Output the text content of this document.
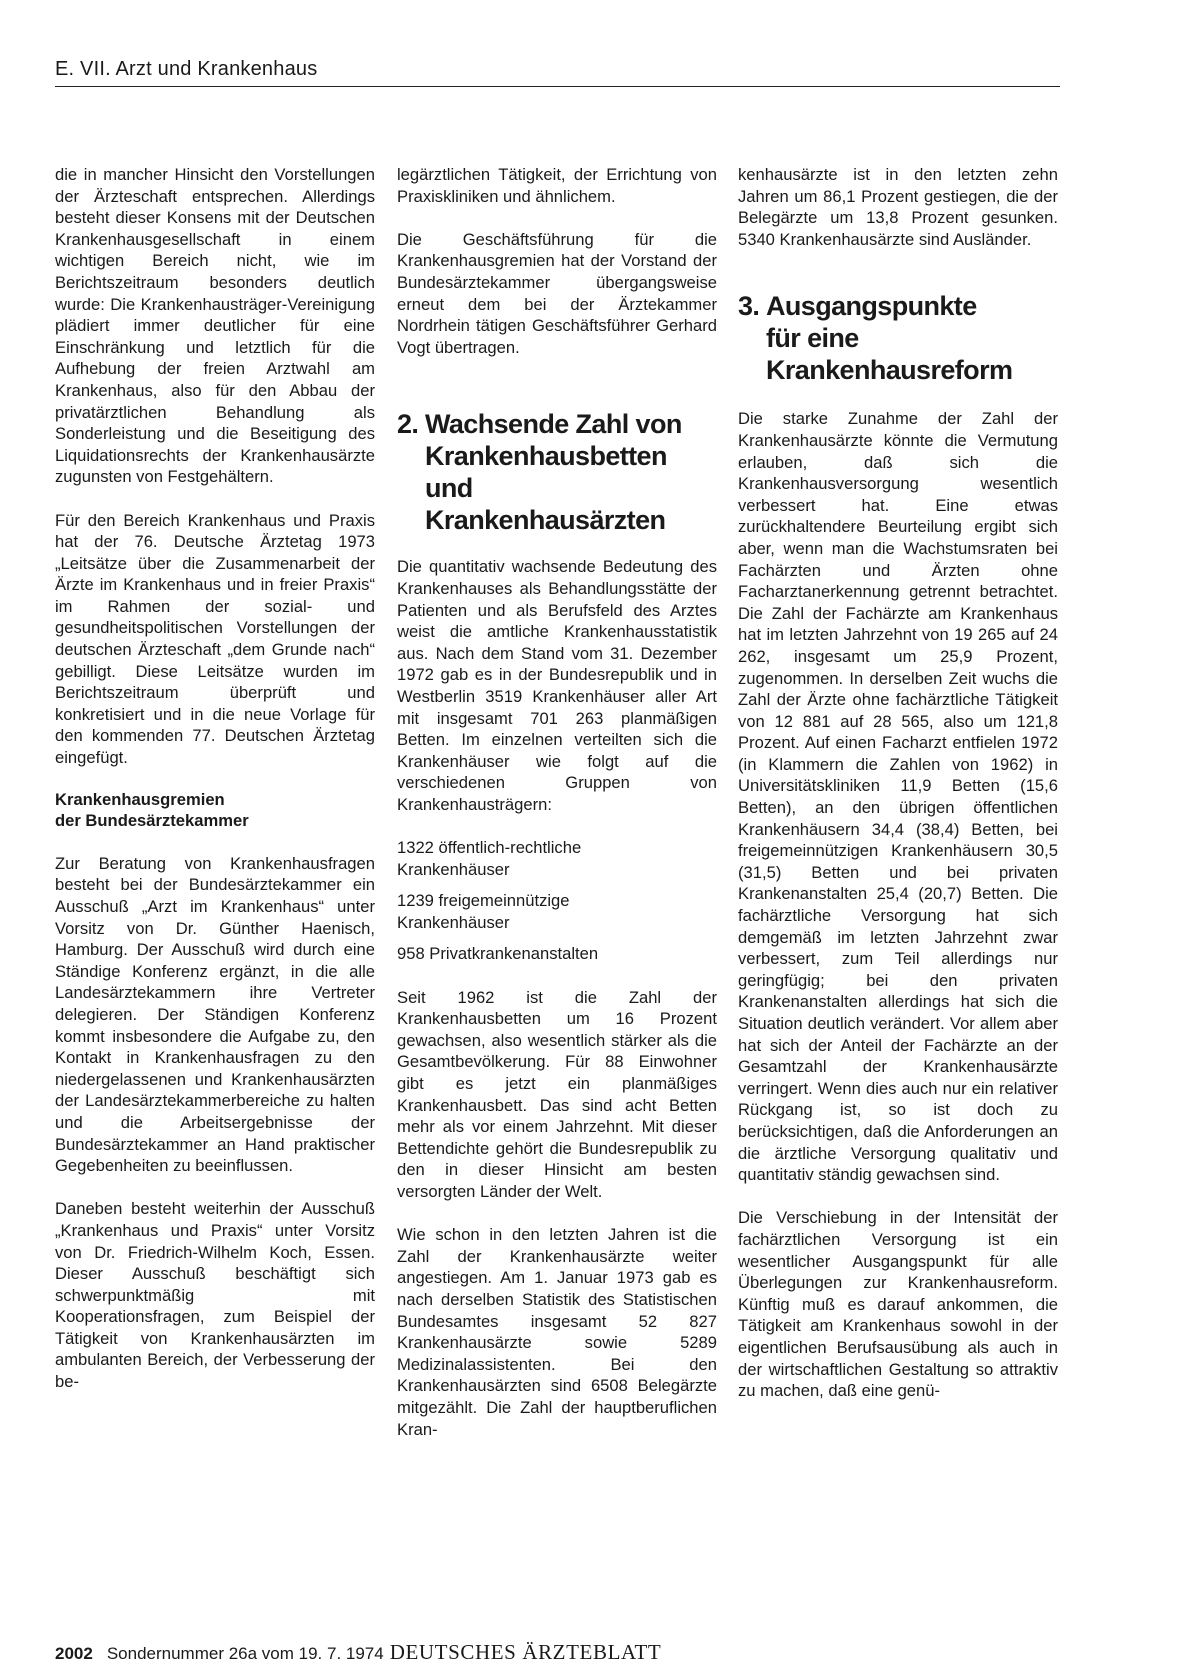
E. VII. Arzt und Krankenhaus

die in mancher Hinsicht den Vorstellungen der Ärzteschaft entsprechen. Allerdings besteht dieser Konsens mit der Deutschen Krankenhausgesellschaft in einem wichtigen Bereich nicht, wie im Berichtszeitraum besonders deutlich wurde: Die Krankenhausträger-Vereinigung plädiert immer deutlicher für eine Einschränkung und letztlich für die Aufhebung der freien Arztwahl am Krankenhaus, also für den Abbau der privatärztlichen Behandlung als Sonderleistung und die Beseitigung des Liquidationsrechts der Krankenhausärzte zugunsten von Festgehältern.

Für den Bereich Krankenhaus und Praxis hat der 76. Deutsche Ärztetag 1973 „Leitsätze über die Zusammenarbeit der Ärzte im Krankenhaus und in freier Praxis“ im Rahmen der sozial- und gesundheitspolitischen Vorstellungen der deutschen Ärzteschaft „dem Grunde nach“ gebilligt. Diese Leitsätze wurden im Berichtszeitraum überprüft und konkretisiert und in die neue Vorlage für den kommenden 77. Deutschen Ärztetag eingefügt.

Krankenhausgremien
der Bundesärztekammer

Zur Beratung von Krankenhausfragen besteht bei der Bundesärztekammer ein Ausschuß „Arzt im Krankenhaus“ unter Vorsitz von Dr. Günther Haenisch, Hamburg. Der Ausschuß wird durch eine Ständige Konferenz ergänzt, in die alle Landesärztekammern ihre Vertreter delegieren. Der Ständigen Konferenz kommt insbesondere die Aufgabe zu, den Kontakt in Krankenhausfragen zu den niedergelassenen und Krankenhausärzten der Landesärztekammerbereiche zu halten und die Arbeitsergebnisse der Bundesärztekammer an Hand praktischer Gegebenheiten zu beeinflussen.

Daneben besteht weiterhin der Ausschuß „Krankenhaus und Praxis“ unter Vorsitz von Dr. Friedrich-Wilhelm Koch, Essen. Dieser Ausschuß beschäftigt sich schwerpunktmäßig mit Kooperationsfragen, zum Beispiel der Tätigkeit von Krankenhausärzten im ambulanten Bereich, der Verbesserung der be-

legärztlichen Tätigkeit, der Errichtung von Praxiskliniken und ähnlichem.

Die Geschäftsführung für die Krankenhausgremien hat der Vorstand der Bundesärztekammer übergangsweise erneut dem bei der Ärztekammer Nordrhein tätigen Geschäftsführer Gerhard Vogt übertragen.

2. Wachsende Zahl von
Krankenhausbetten
und
Krankenhausärzten

Die quantitativ wachsende Bedeutung des Krankenhauses als Behandlungsstätte der Patienten und als Berufsfeld des Arztes weist die amtliche Krankenhausstatistik aus. Nach dem Stand vom 31. Dezember 1972 gab es in der Bundesrepublik und in Westberlin 3519 Krankenhäuser aller Art mit insgesamt 701 263 planmäßigen Betten. Im einzelnen verteilten sich die Krankenhäuser wie folgt auf die verschiedenen Gruppen von Krankenhausträgern:

1322 öffentlich-rechtliche
Krankenhäuser

1239 freigemeinnützige
Krankenhäuser

958 Privatkrankenanstalten

Seit 1962 ist die Zahl der Krankenhausbetten um 16 Prozent gewachsen, also wesentlich stärker als die Gesamtbevölkerung. Für 88 Einwohner gibt es jetzt ein planmäßiges Krankenhausbett. Das sind acht Betten mehr als vor einem Jahrzehnt. Mit dieser Bettendichte gehört die Bundesrepublik zu den in dieser Hinsicht am besten versorgten Länder der Welt.

Wie schon in den letzten Jahren ist die Zahl der Krankenhausärzte weiter angestiegen. Am 1. Januar 1973 gab es nach derselben Statistik des Statistischen Bundesamtes insgesamt 52 827 Krankenhausärzte sowie 5289 Medizinalassistenten. Bei den Krankenhausärzten sind 6508 Belegärzte mitgezählt. Die Zahl der hauptberuflichen Kran-

kenhausärzte ist in den letzten zehn Jahren um 86,1 Prozent gestiegen, die der Belegärzte um 13,8 Prozent gesunken. 5340 Krankenhausärzte sind Ausländer.

3. Ausgangspunkte
für eine
Krankenhausreform

Die starke Zunahme der Zahl der Krankenhausärzte könnte die Vermutung erlauben, daß sich die Krankenhausversorgung wesentlich verbessert hat. Eine etwas zurückhaltendere Beurteilung ergibt sich aber, wenn man die Wachstumsraten bei Fachärzten und Ärzten ohne Facharztanerkennung getrennt betrachtet. Die Zahl der Fachärzte am Krankenhaus hat im letzten Jahrzehnt von 19 265 auf 24 262, insgesamt um 25,9 Prozent, zugenommen. In derselben Zeit wuchs die Zahl der Ärzte ohne fachärztliche Tätigkeit von 12 881 auf 28 565, also um 121,8 Prozent. Auf einen Facharzt entfielen 1972 (in Klammern die Zahlen von 1962) in Universitätskliniken 11,9 Betten (15,6 Betten), an den übrigen öffentlichen Krankenhäusern 34,4 (38,4) Betten, bei freigemeinnützigen Krankenhäusern 30,5 (31,5) Betten und bei privaten Krankenanstalten 25,4 (20,7) Betten. Die fachärztliche Versorgung hat sich demgemäß im letzten Jahrzehnt zwar verbessert, zum Teil allerdings nur geringfügig; bei den privaten Krankenanstalten allerdings hat sich die Situation deutlich verändert. Vor allem aber hat sich der Anteil der Fachärzte an der Gesamtzahl der Krankenhausärzte verringert. Wenn dies auch nur ein relativer Rückgang ist, so ist doch zu berücksichtigen, daß die Anforderungen an die ärztliche Versorgung qualitativ und quantitativ ständig gewachsen sind.

Die Verschiebung in der Intensität der fachärztlichen Versorgung ist ein wesentlicher Ausgangspunkt für alle Überlegungen zur Krankenhausreform. Künftig muß es darauf ankommen, die Tätigkeit am Krankenhaus sowohl in der eigentlichen Berufsausübung als auch in der wirtschaftlichen Gestaltung so attraktiv zu machen, daß eine genü-

2002 Sondernummer 26a vom 19. 7. 1974 DEUTSCHES ÄRZTEBLATT
